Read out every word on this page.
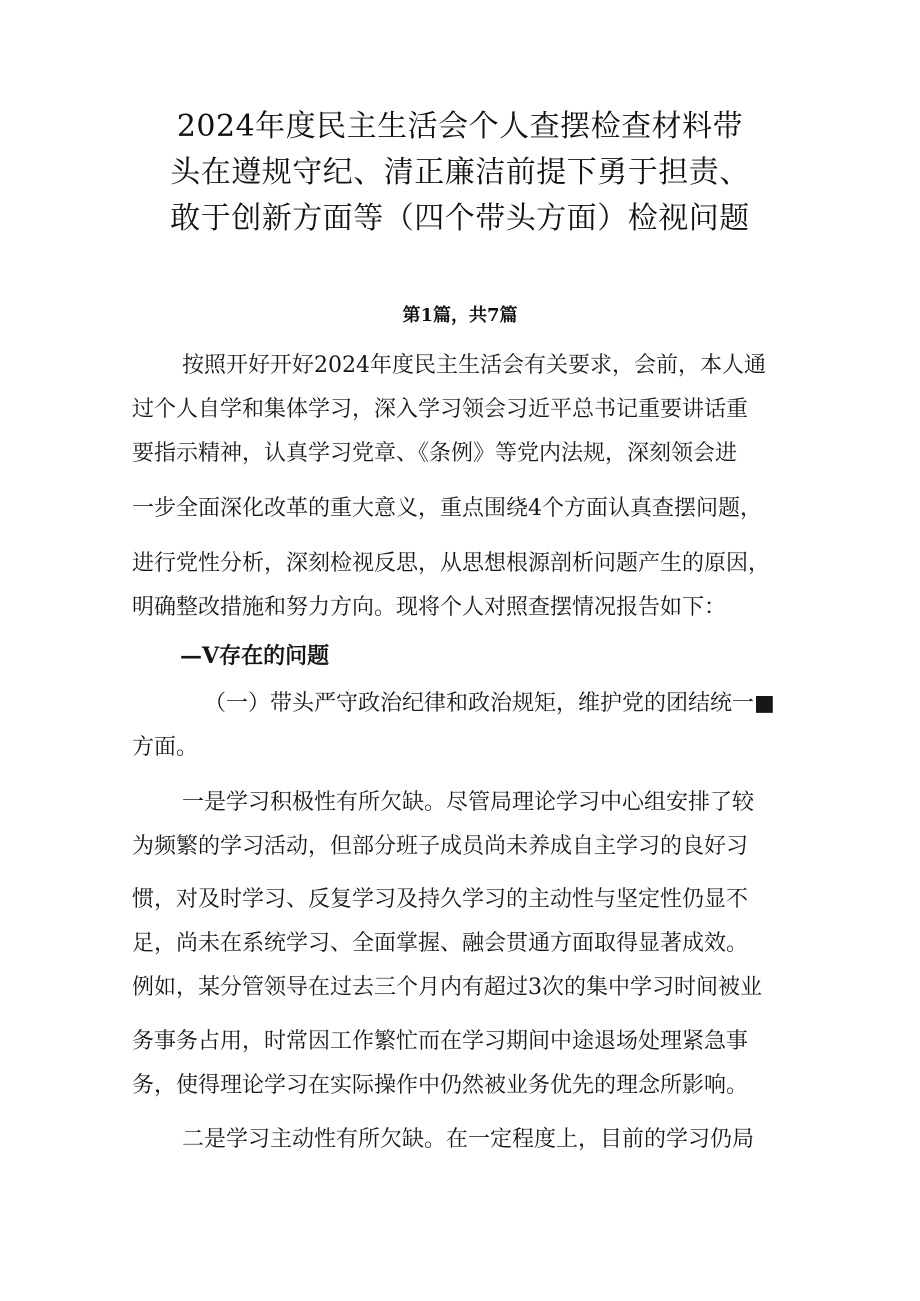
2024年度民主生活会个人查摆检查材料带
头在遵规守纪、清正廉洁前提下勇于担责、
敢于创新方面等（四个带头方面）检视问题
第1篇，共7篇
按照开好开好2024年度民主生活会有关要求，会前，本人通
过个人自学和集体学习，深入学习领会习近平总书记重要讲话重
要指示精神，认真学习党章、《条例》等党内法规，深刻领会进
一步全面深化改革的重大意义，重点围绕4个方面认真查摆问题，
进行党性分析，深刻检视反思，从思想根源剖析问题产生的原因，
明确整改措施和努力方向。现将个人对照查摆情况报告如下：
—V存在的问题
（一）带头严守政治纪律和政治规矩，维护党的团结统一■
方面。
一是学习积极性有所欠缺。尽管局理论学习中心组安排了较
为频繁的学习活动，但部分班子成员尚未养成自主学习的良好习
惯，对及时学习、反复学习及持久学习的主动性与坚定性仍显不
足，尚未在系统学习、全面掌握、融会贯通方面取得显著成效。
例如，某分管领导在过去三个月内有超过3次的集中学习时间被业
务事务占用，时常因工作繁忙而在学习期间中途退场处理紧急事
务，使得理论学习在实际操作中仍然被业务优先的理念所影响。
二是学习主动性有所欠缺。在一定程度上，目前的学习仍局
